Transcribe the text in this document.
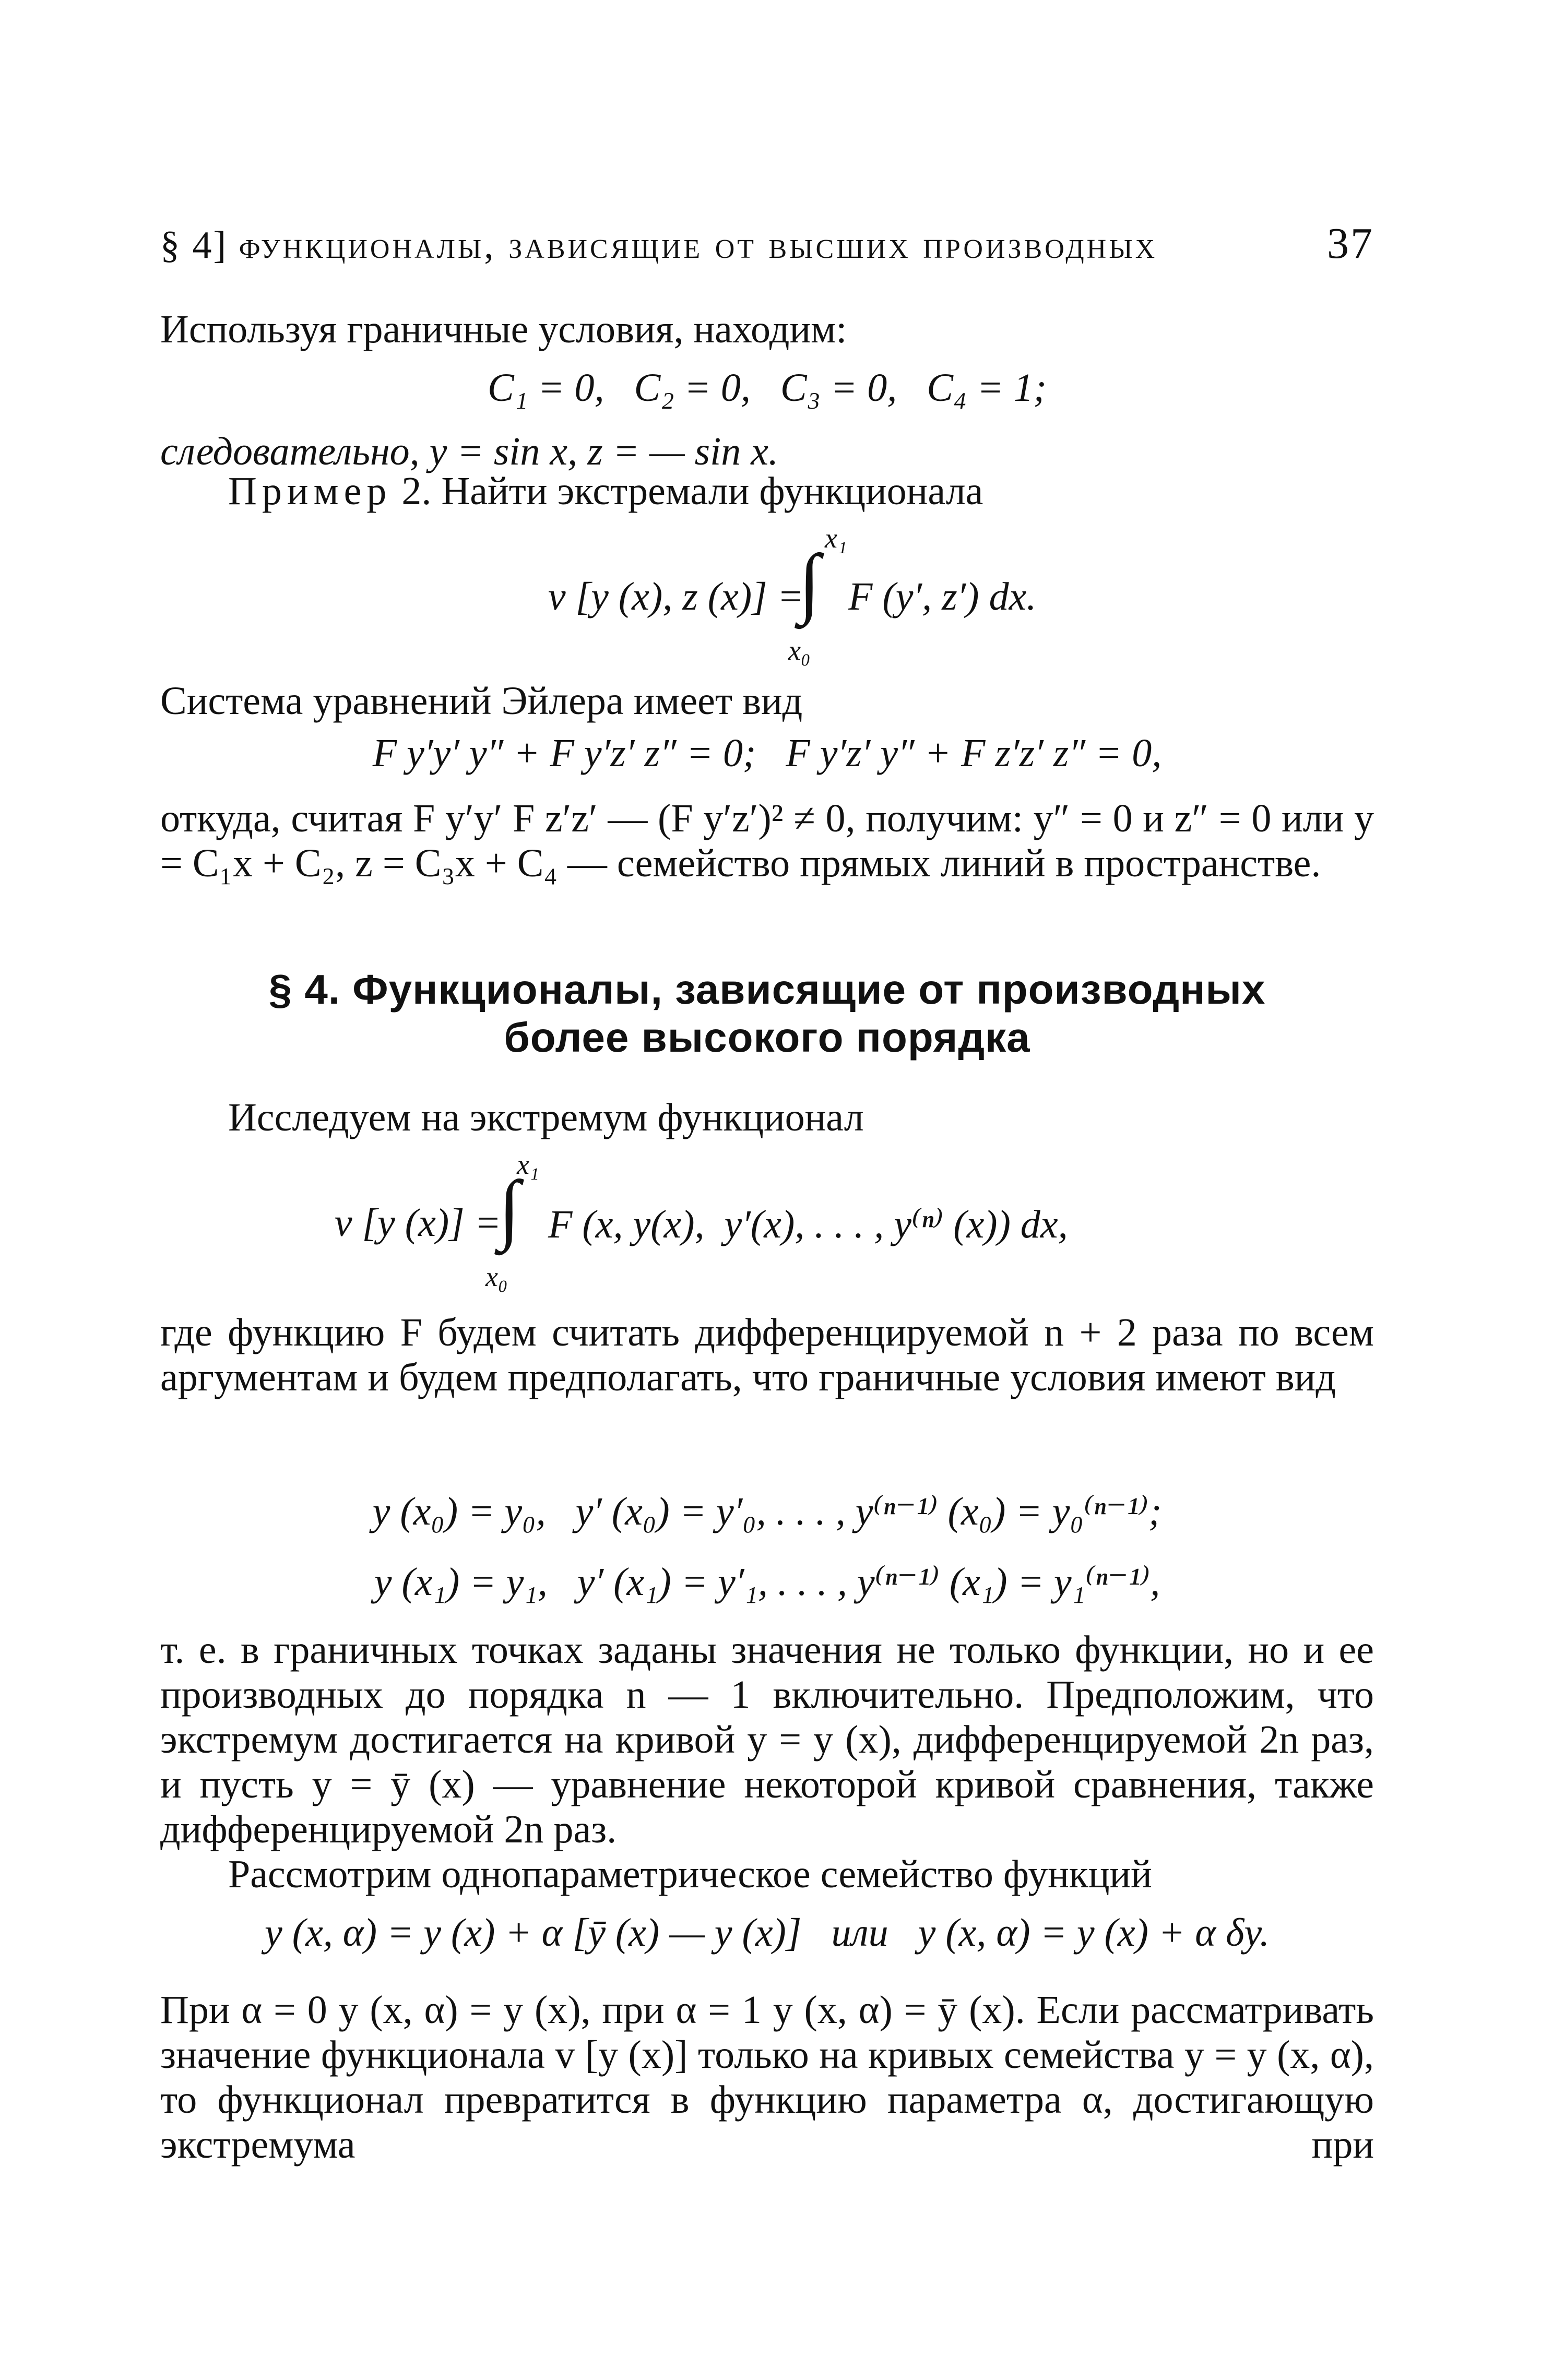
§ 4] функционалы, зависящие от высших производных	37

Используя граничные условия, находим:

C₁ = 0,   C₂ = 0,   C₃ = 0,   C₄ = 1;

следовательно, y = sin x, z = — sin x.

Пример 2. Найти экстремали функционала

v [y (x), z (x)] =
∫
x₁
x₀
F (y′, z′) dx.

Система уравнений Эйлера имеет вид

F y′y′ y″ + F y′z′ z″ = 0;   F y′z′ y″ + F z′z′ z″ = 0,

откуда, считая F y′y′ F z′z′ — (F y′z′)² ≠ 0, получим: y″ = 0 и z″ = 0 или y = C₁x + C₂, z = C₃x + C₄ — семейство прямых линий в пространстве.

§ 4. Функционалы, зависящие от производных
более высокого порядка

Исследуем на экстремум функционал

v [y (x)] =
∫
x₁
x₀
F (x, y(x),  y′(x), . . . , y⁽ⁿ⁾ (x)) dx,

где функцию F будем считать дифференцируемой n + 2 раза по всем аргументам и будем предполагать, что граничные условия имеют вид

y (x₀) = y₀,   y′ (x₀) = y′₀, . . . , y⁽ⁿ⁻¹⁾ (x₀) = y₀⁽ⁿ⁻¹⁾;
y (x₁) = y₁,   y′ (x₁) = y′₁, . . . , y⁽ⁿ⁻¹⁾ (x₁) = y₁⁽ⁿ⁻¹⁾,

т. е. в граничных точках заданы значения не только функции, но и ее производных до порядка n — 1 включительно. Предположим, что экстремум достигается на кривой y = y (x), дифференцируемой 2n раз, и пусть y = ȳ (x) — уравнение некоторой кривой сравнения, также дифференцируемой 2n раз.

Рассмотрим однопараметрическое семейство функций

y (x, α) = y (x) + α [ȳ (x) — y (x)]   или   y (x, α) = y (x) + α δy.

При α = 0 y (x, α) = y (x), при α = 1 y (x, α) = ȳ (x). Если рассматривать значение функционала v [y (x)] только на кривых семейства y = y (x, α), то функционал превратится в функцию параметра α, достигающую экстремума при
